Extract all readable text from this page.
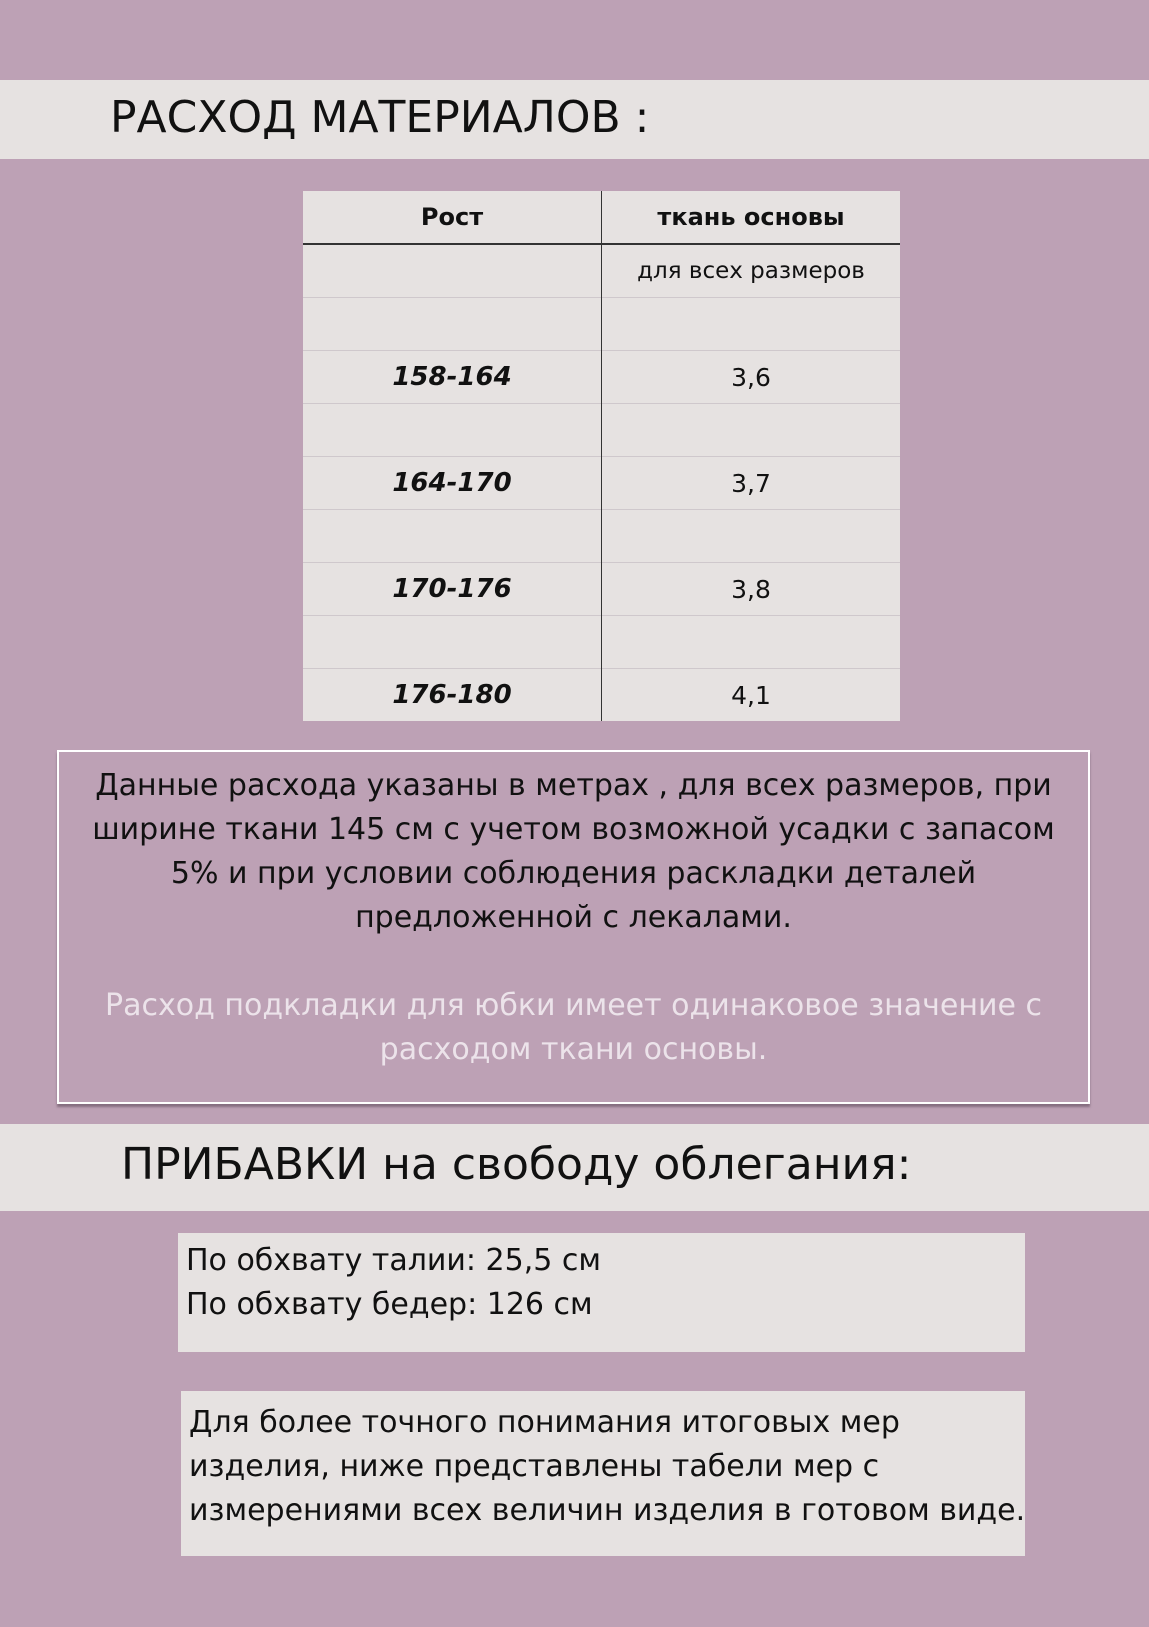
РАСХОД МАТЕРИАЛОВ :
Рост	ткань основы
	для всех размеров

158-164	3,6

164-170	3,7

170-176	3,8

176-180	4,1
Данные расхода указаны в метрах , для всех размеров, при ширине ткани 145 см с учетом возможной усадки с запасом 5% и при условии соблюдения раскладки деталей предложенной с лекалами.
Расход подкладки для юбки имеет одинаковое значение с расходом ткани основы.
ПРИБАВКИ на свободу облегания:
По обхвату талии: 25,5 см
По обхвату бедер: 126 см
Для более точного понимания итоговых мер
изделия, ниже представлены табели мер с
измерениями всех величин изделия в готовом виде.
